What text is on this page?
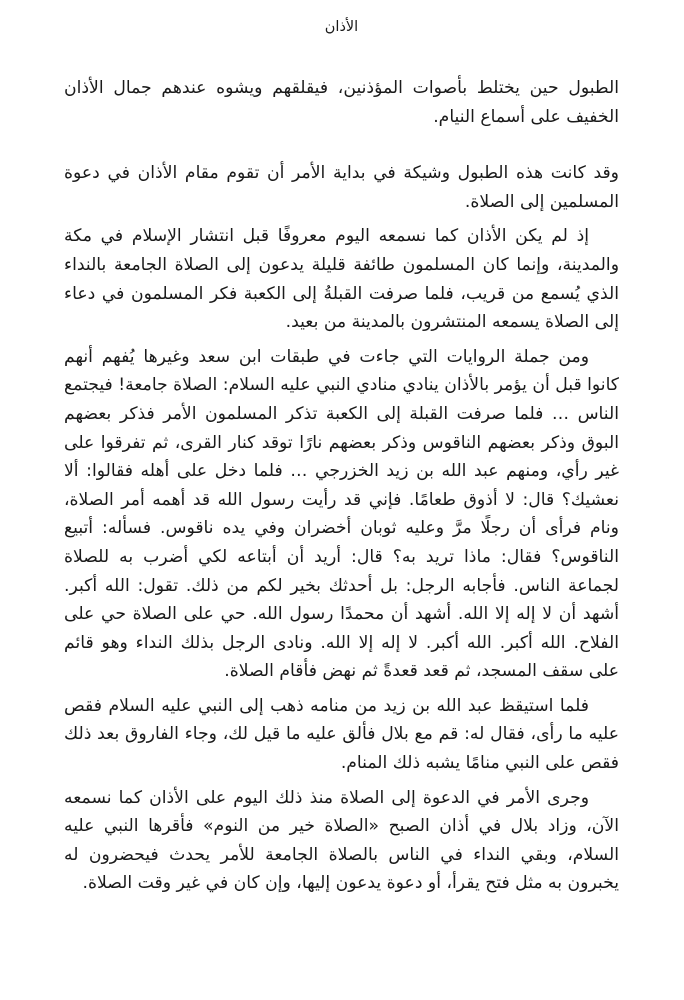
الأذان

الطبول حين يختلط بأصوات المؤذنين، فيقلقهم ويشوه عندهم جمال الأذان الخفيف على أسماع النيام.

وقد كانت هذه الطبول وشيكة في بداية الأمر أن تقوم مقام الأذان في دعوة المسلمين إلى الصلاة.

إذ لم يكن الأذان كما نسمعه اليوم معروفًا قبل انتشار الإسلام في مكة والمدينة، وإنما كان المسلمون طائفة قليلة يدعون إلى الصلاة الجامعة بالنداء الذي يُسمع من قريب، فلما صرفت القبلةُ إلى الكعبة فكر المسلمون في دعاء إلى الصلاة يسمعه المنتشرون بالمدينة من بعيد.

ومن جملة الروايات التي جاءت في طبقات ابن سعد وغيرها يُفهم أنهم كانوا قبل أن يؤمر بالأذان ينادي منادي النبي عليه السلام: الصلاة جامعة! فيجتمع الناس … فلما صرفت القبلة إلى الكعبة تذكر المسلمون الأمر فذكر بعضهم البوق وذكر بعضهم الناقوس وذكر بعضهم نارًا توقد كنار القرى، ثم تفرقوا على غير رأي، ومنهم عبد الله بن زيد الخزرجي … فلما دخل على أهله فقالوا: ألا نعشيك؟ قال: لا أذوق طعامًا. فإني قد رأيت رسول الله قد أهمه أمر الصلاة، ونام فرأى أن رجلًا مرَّ وعليه ثوبان أخضران وفي يده ناقوس. فسأله: أتبيع الناقوس؟ فقال: ماذا تريد به؟ قال: أريد أن أبتاعه لكي أضرب به للصلاة لجماعة الناس. فأجابه الرجل: بل أحدثك بخير لكم من ذلك. تقول: الله أكبر. أشهد أن لا إله إلا الله. أشهد أن محمدًا رسول الله. حي على الصلاة حي على الفلاح. الله أكبر. الله أكبر. لا إله إلا الله. ونادى الرجل بذلك النداء وهو قائم على سقف المسجد، ثم قعد قعدةً ثم نهض فأقام الصلاة.

فلما استيقظ عبد الله بن زيد من منامه ذهب إلى النبي عليه السلام فقص عليه ما رأى، فقال له: قم مع بلال فألق عليه ما قيل لك، وجاء الفاروق بعد ذلك فقص على النبي منامًا يشبه ذلك المنام.

وجرى الأمر في الدعوة إلى الصلاة منذ ذلك اليوم على الأذان كما نسمعه الآن، وزاد بلال في أذان الصبح «الصلاة خير من النوم» فأقرها النبي عليه السلام، وبقي النداء في الناس بالصلاة الجامعة للأمر يحدث فيحضرون له يخبرون به مثل فتح يقرأ، أو دعوة يدعون إليها، وإن كان في غير وقت الصلاة.
